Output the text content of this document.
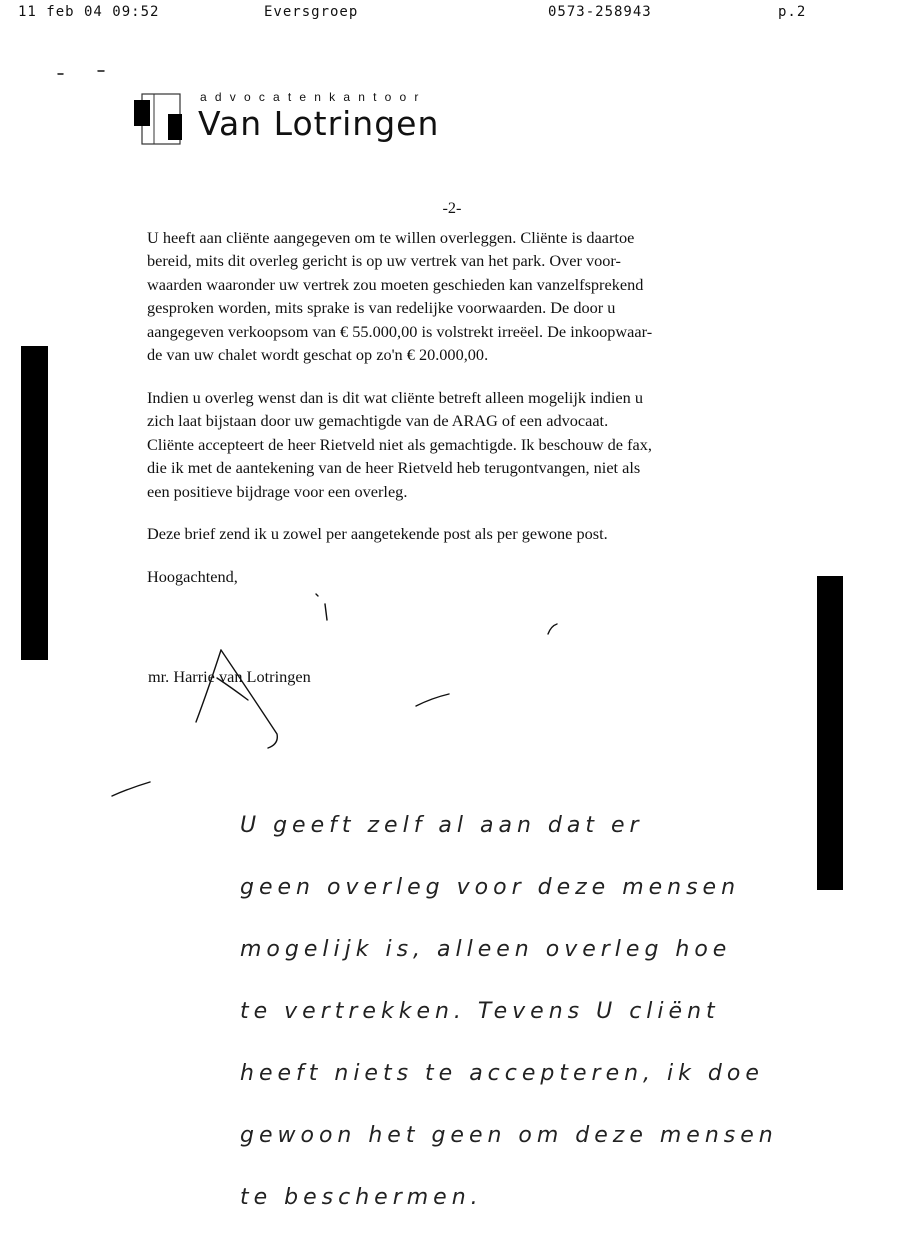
11 feb 04 09:52	Eversgroep	0573-258943	p.2
advocatenkantoor
Van Lotringen
-2-

U heeft aan cliënte aangegeven om te willen overleggen. Cliënte is daartoe
bereid, mits dit overleg gericht is op uw vertrek van het park. Over voor-
waarden waaronder uw vertrek zou moeten geschieden kan vanzelfsprekend
gesproken worden, mits sprake is van redelijke voorwaarden. De door u
aangegeven verkoopsom van € 55.000,00 is volstrekt irreëel. De inkoopwaar-
de van uw chalet wordt geschat op zo'n € 20.000,00.

Indien u overleg wenst dan is dit wat cliënte betreft alleen mogelijk indien u
zich laat bijstaan door uw gemachtigde van de ARAG of een advocaat.
Cliënte accepteert de heer Rietveld niet als gemachtigde. Ik beschouw de fax,
die ik met de aantekening van de heer Rietveld heb terugontvangen, niet als
een positieve bijdrage voor een overleg.

Deze brief zend ik u zowel per aangetekende post als per gewone post.

Hoogachtend,

mr. Harrie van Lotringen
U geeft zelf al aan dat er
geen overleg voor deze mensen
mogelijk is, alleen overleg hoe
te vertrekken. Tevens U cliënt
heeft niets te accepteren, ik doe
gewoon het geen om deze mensen
te beschermen.
